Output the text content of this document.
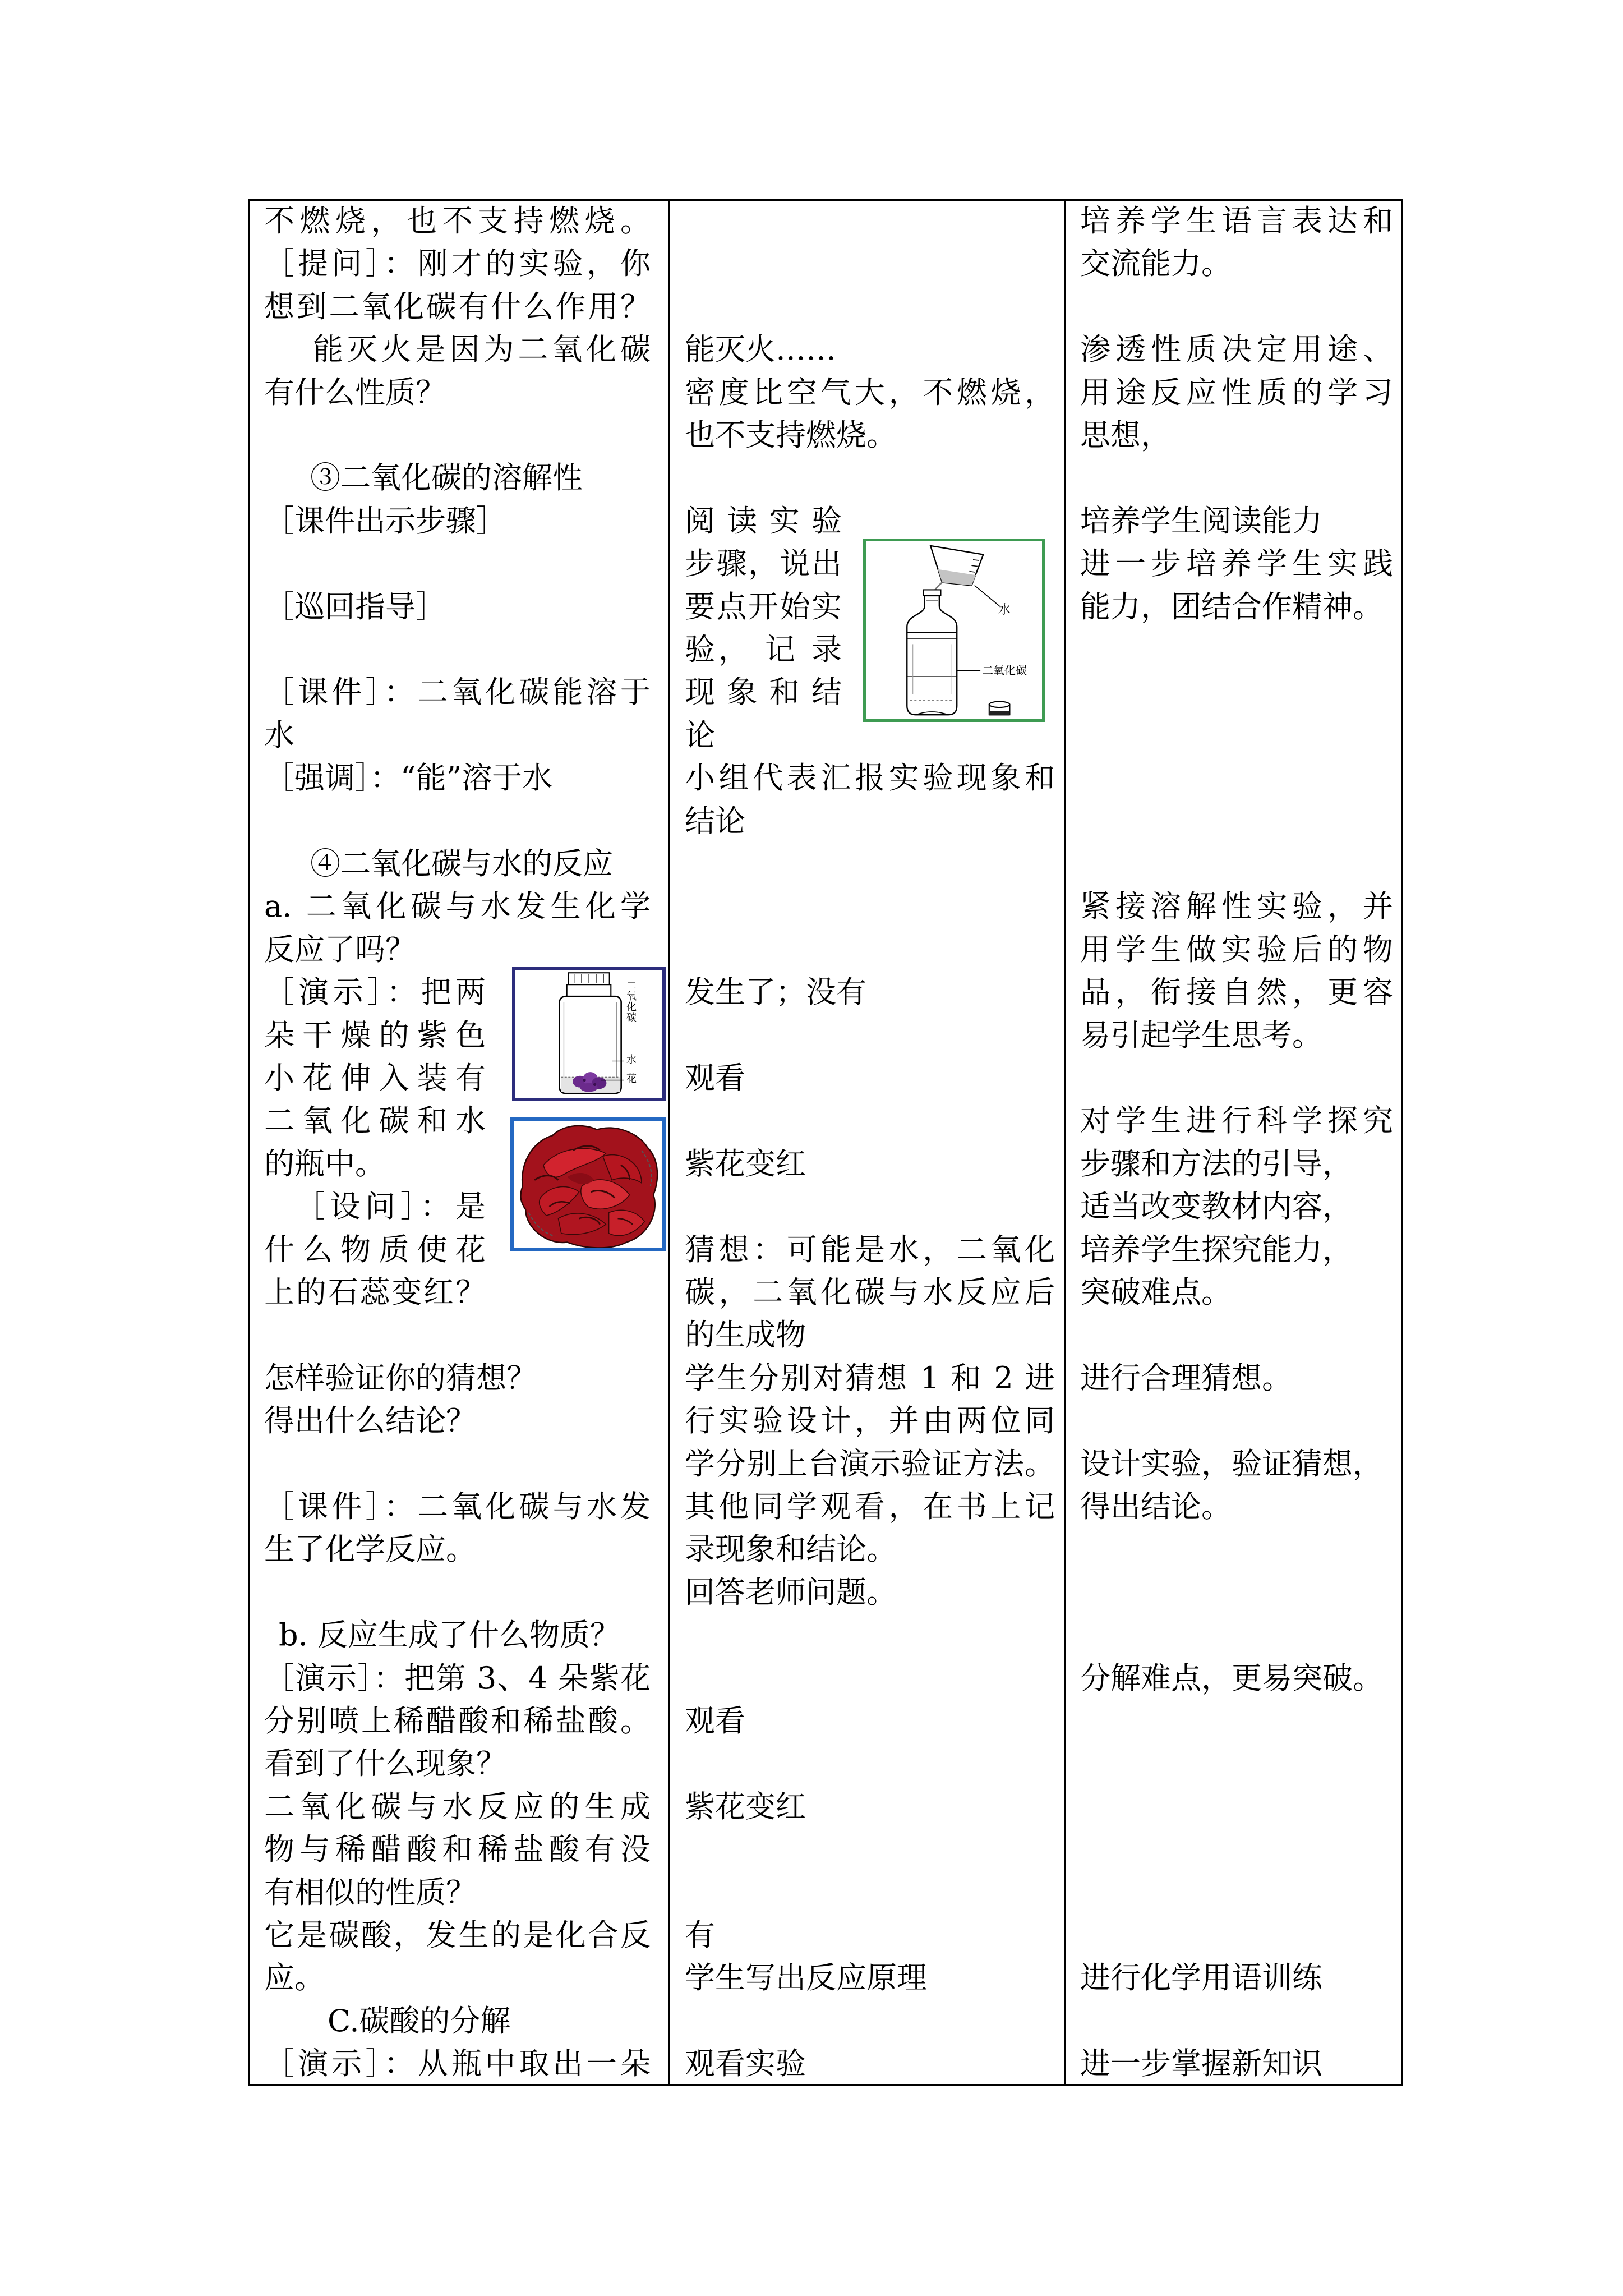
不燃烧，也不支持燃烧。
［提问］：刚才的实验，你
想到二氧化碳有什么作用？
能灭火是因为二氧化碳
有什么性质？
③二氧化碳的溶解性
［课件出示步骤］
［巡回指导］
［课件］：二氧化碳能溶于
水
［强调］：“能”溶于水
④二氧化碳与水的反应
a. 二氧化碳与水发生化学
反应了吗？
［演示］：把两
朵干燥的紫色
小花伸入装有
二氧化碳和水
的瓶中。
［设问］：是
什么物质使花
上的石蕊变红？
怎样验证你的猜想？
得出什么结论？
［课件］：二氧化碳与水发
生了化学反应。
b. 反应生成了什么物质？
［演示］：把第 3、4 朵紫花
分别喷上稀醋酸和稀盐酸。
看到了什么现象？
二氧化碳与水反应的生成
物与稀醋酸和稀盐酸有没
有相似的性质？
它是碳酸，发生的是化合反
应。
C.碳酸的分解
［演示］：从瓶中取出一朵
能灭火……
密度比空气大，不燃烧，
也不支持燃烧。
阅 读 实 验
步骤，说出
要点开始实
验， 记 录
现 象 和 结
论
小组代表汇报实验现象和
结论
发生了；没有
观看
紫花变红
猜想：可能是水，二氧化
碳，二氧化碳与水反应后
的生成物
学生分别对猜想 1 和 2 进
行实验设计，并由两位同
学分别上台演示验证方法。
其他同学观看，在书上记
录现象和结论。
回答老师问题。
观看
紫花变红
有
学生写出反应原理
观看实验
培养学生语言表达和
交流能力。
渗透性质决定用途、
用途反应性质的学习
思想，
培养学生阅读能力
进一步培养学生实践
能力，团结合作精神。
紧接溶解性实验，并
用学生做实验后的物
品，衔接自然，更容
易引起学生思考。
对学生进行科学探究
步骤和方法的引导，
适当改变教材内容，
培养学生探究能力，
突破难点。
进行合理猜想。
设计实验，验证猜想，
得出结论。
分解难点，更易突破。
进行化学用语训练
进一步掌握新知识
水
二氧化碳
二氧化碳
水
花
